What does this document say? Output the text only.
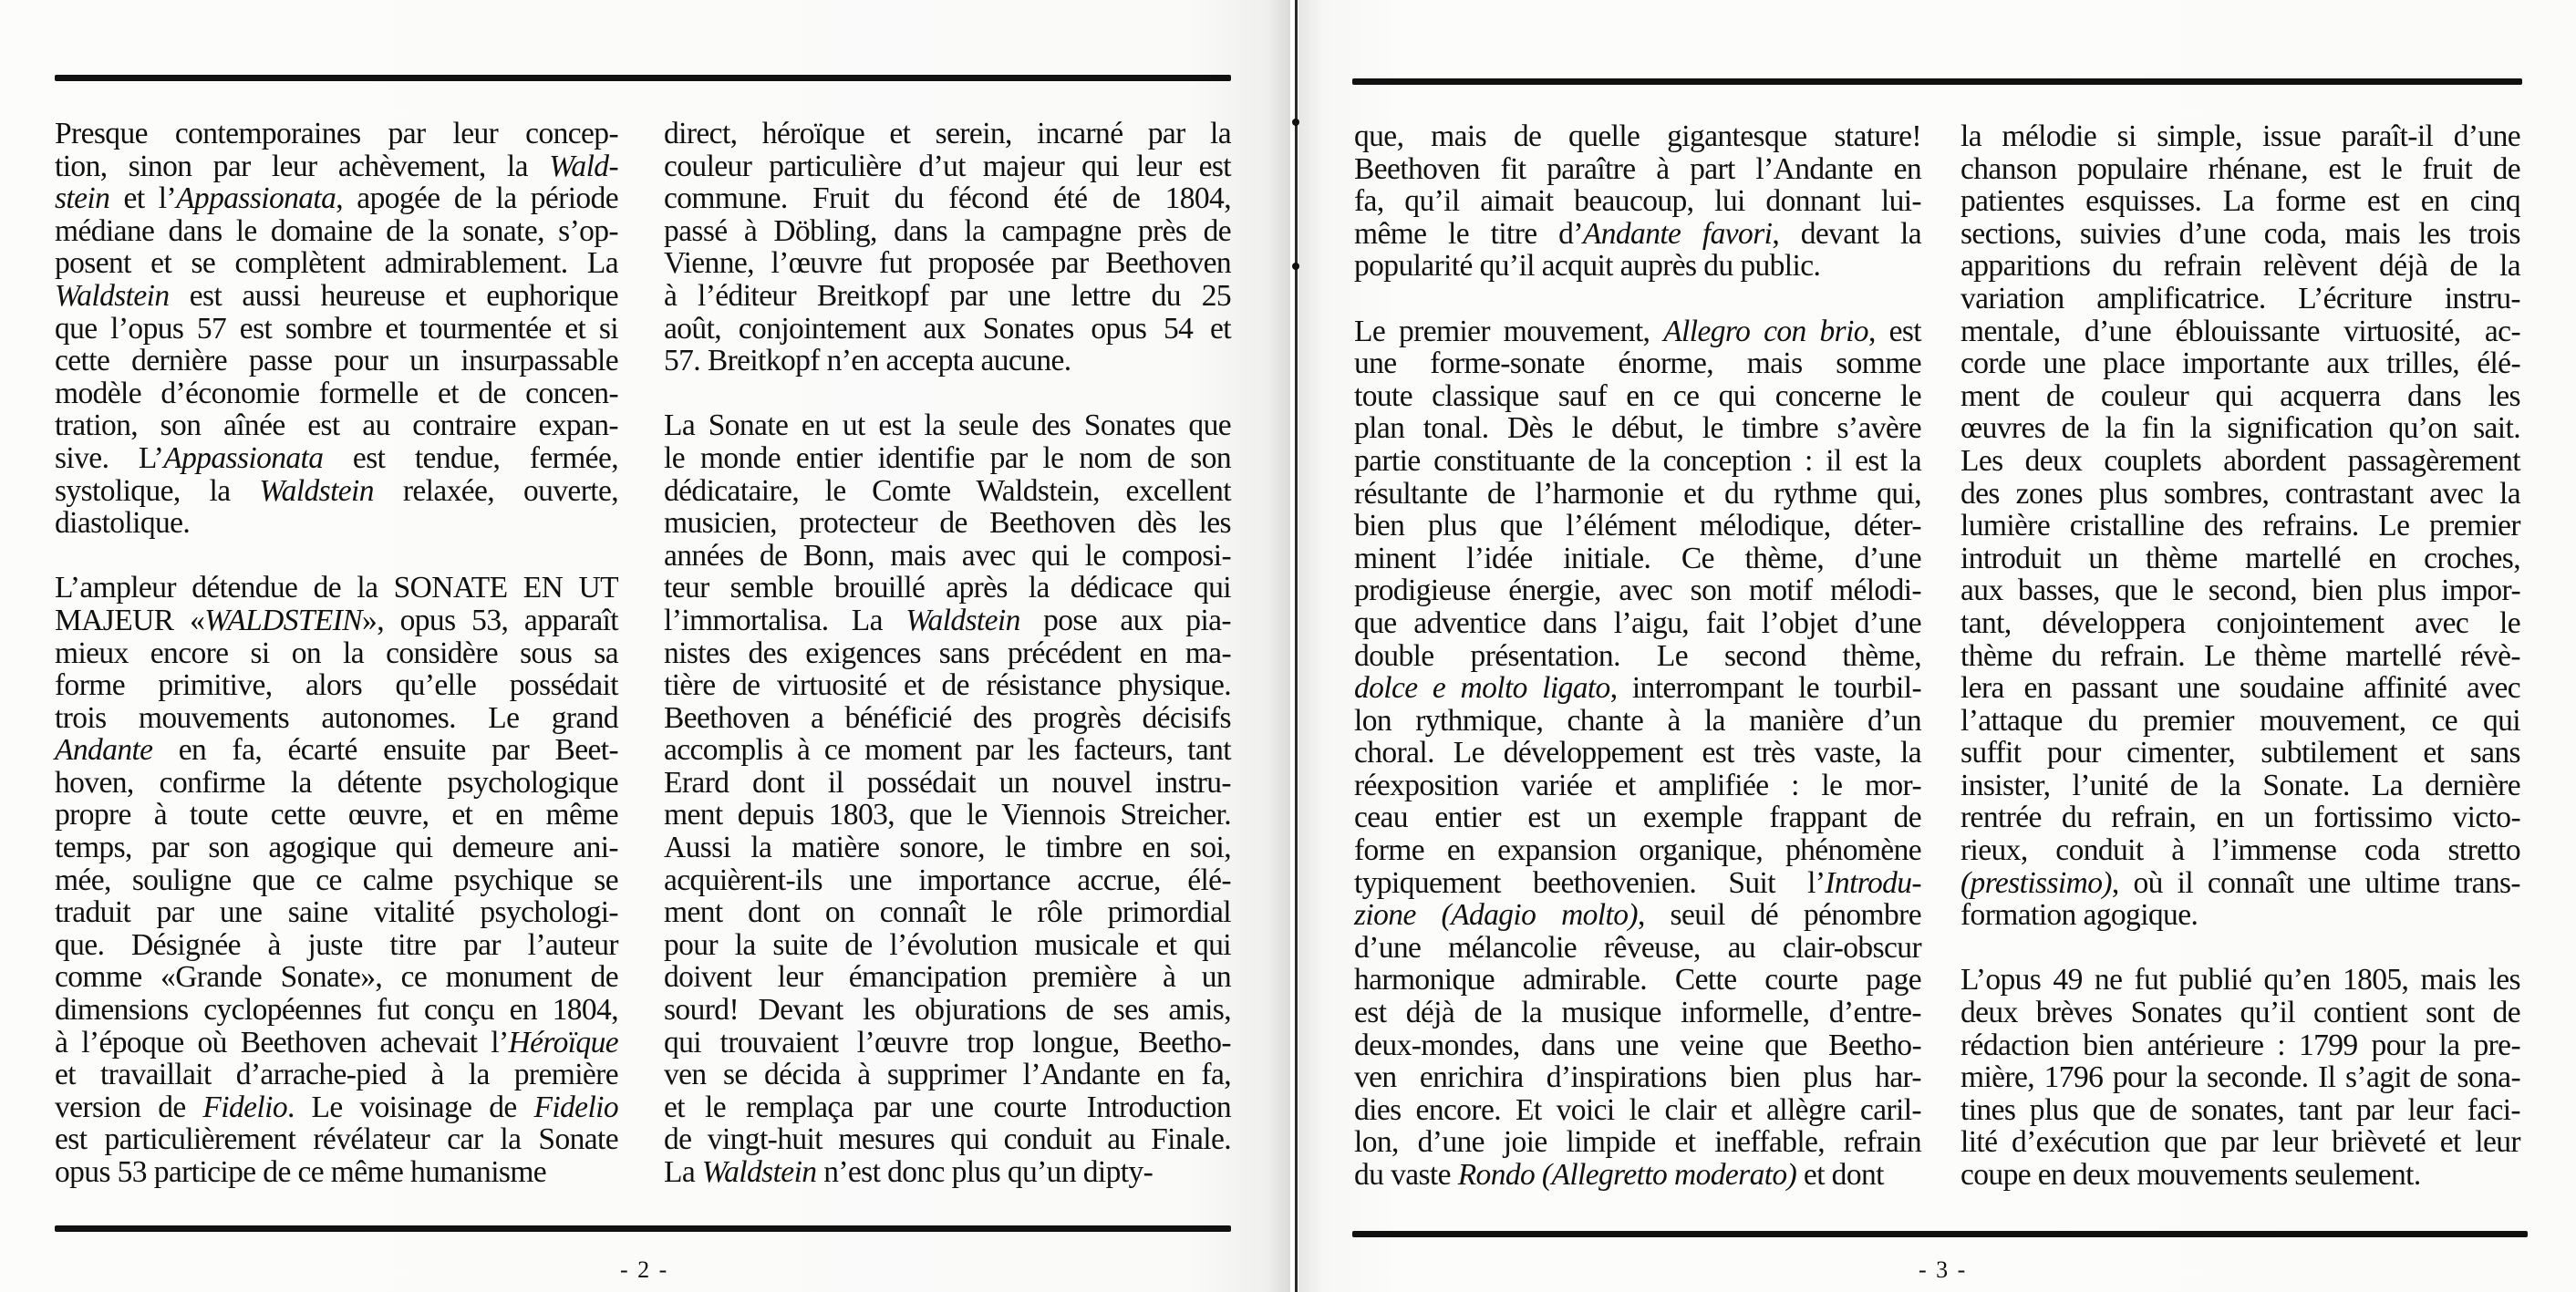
Presque contemporaines par leur concep-
tion, sinon par leur achèvement, la Wald-
stein et l’Appassionata, apogée de la période
médiane dans le domaine de la sonate, s’op-
posent et se complètent admirablement. La
Waldstein est aussi heureuse et euphorique
que l’opus 57 est sombre et tourmentée et si
cette dernière passe pour un insurpassable
modèle d’économie formelle et de concen-
tration, son aînée est au contraire expan-
sive. L’Appassionata est tendue, fermée,
systolique, la Waldstein relaxée, ouverte,
diastolique.
L’ampleur détendue de la SONATE EN UT
MAJEUR «WALDSTEIN», opus 53, apparaît
mieux encore si on la considère sous sa
forme primitive, alors qu’elle possédait
trois mouvements autonomes. Le grand
Andante en fa, écarté ensuite par Beet-
hoven, confirme la détente psychologique
propre à toute cette œuvre, et en même
temps, par son agogique qui demeure ani-
mée, souligne que ce calme psychique se
traduit par une saine vitalité psychologi-
que. Désignée à juste titre par l’auteur
comme «Grande Sonate», ce monument de
dimensions cyclopéennes fut conçu en 1804,
à l’époque où Beethoven achevait l’Héroïque
et travaillait d’arrache-pied à la première
version de Fidelio. Le voisinage de Fidelio
est particulièrement révélateur car la Sonate
opus 53 participe de ce même humanisme
direct, héroïque et serein, incarné par la
couleur particulière d’ut majeur qui leur est
commune. Fruit du fécond été de 1804,
passé à Döbling, dans la campagne près de
Vienne, l’œuvre fut proposée par Beethoven
à l’éditeur Breitkopf par une lettre du 25
août, conjointement aux Sonates opus 54 et
57. Breitkopf n’en accepta aucune.
La Sonate en ut est la seule des Sonates que
le monde entier identifie par le nom de son
dédicataire, le Comte Waldstein, excellent
musicien, protecteur de Beethoven dès les
années de Bonn, mais avec qui le composi-
teur semble brouillé après la dédicace qui
l’immortalisa. La Waldstein pose aux pia-
nistes des exigences sans précédent en ma-
tière de virtuosité et de résistance physique.
Beethoven a bénéficié des progrès décisifs
accomplis à ce moment par les facteurs, tant
Erard dont il possédait un nouvel instru-
ment depuis 1803, que le Viennois Streicher.
Aussi la matière sonore, le timbre en soi,
acquièrent-ils une importance accrue, élé-
ment dont on connaît le rôle primordial
pour la suite de l’évolution musicale et qui
doivent leur émancipation première à un
sourd! Devant les objurations de ses amis,
qui trouvaient l’œuvre trop longue, Beetho-
ven se décida à supprimer l’Andante en fa,
et le remplaça par une courte Introduction
de vingt-huit mesures qui conduit au Finale.
La Waldstein n’est donc plus qu’un dipty-
que, mais de quelle gigantesque stature!
Beethoven fit paraître à part l’Andante en
fa, qu’il aimait beaucoup, lui donnant lui-
même le titre d’Andante favori, devant la
popularité qu’il acquit auprès du public.
Le premier mouvement, Allegro con brio, est
une forme-sonate énorme, mais somme
toute classique sauf en ce qui concerne le
plan tonal. Dès le début, le timbre s’avère
partie constituante de la conception : il est la
résultante de l’harmonie et du rythme qui,
bien plus que l’élément mélodique, déter-
minent l’idée initiale. Ce thème, d’une
prodigieuse énergie, avec son motif mélodi-
que adventice dans l’aigu, fait l’objet d’une
double présentation. Le second thème,
dolce e molto ligato, interrompant le tourbil-
lon rythmique, chante à la manière d’un
choral. Le développement est très vaste, la
réexposition variée et amplifiée : le mor-
ceau entier est un exemple frappant de
forme en expansion organique, phénomène
typiquement beethovenien. Suit l’Introdu-
zione (Adagio molto), seuil dé pénombre
d’une mélancolie rêveuse, au clair-obscur
harmonique admirable. Cette courte page
est déjà de la musique informelle, d’entre-
deux-mondes, dans une veine que Beetho-
ven enrichira d’inspirations bien plus har-
dies encore. Et voici le clair et allègre caril-
lon, d’une joie limpide et ineffable, refrain
du vaste Rondo (Allegretto moderato) et dont
la mélodie si simple, issue paraît-il d’une
chanson populaire rhénane, est le fruit de
patientes esquisses. La forme est en cinq
sections, suivies d’une coda, mais les trois
apparitions du refrain relèvent déjà de la
variation amplificatrice. L’écriture instru-
mentale, d’une éblouissante virtuosité, ac-
corde une place importante aux trilles, élé-
ment de couleur qui acquerra dans les
œuvres de la fin la signification qu’on sait.
Les deux couplets abordent passagèrement
des zones plus sombres, contrastant avec la
lumière cristalline des refrains. Le premier
introduit un thème martellé en croches,
aux basses, que le second, bien plus impor-
tant, développera conjointement avec le
thème du refrain. Le thème martellé révè-
lera en passant une soudaine affinité avec
l’attaque du premier mouvement, ce qui
suffit pour cimenter, subtilement et sans
insister, l’unité de la Sonate. La dernière
rentrée du refrain, en un fortissimo victo-
rieux, conduit à l’immense coda stretto
(prestissimo), où il connaît une ultime trans-
formation agogique.
L’opus 49 ne fut publié qu’en 1805, mais les
deux brèves Sonates qu’il contient sont de
rédaction bien antérieure : 1799 pour la pre-
mière, 1796 pour la seconde. Il s’agit de sona-
tines plus que de sonates, tant par leur faci-
lité d’exécution que par leur brièveté et leur
coupe en deux mouvements seulement.
- 2 -	- 3 -
